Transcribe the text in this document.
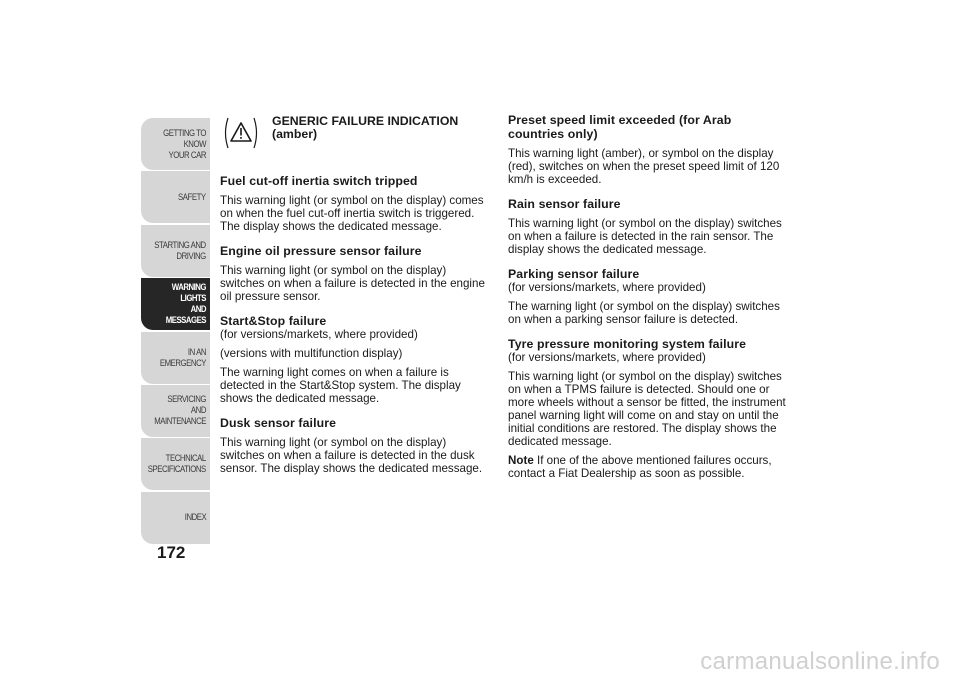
GETTING TO KNOW
YOUR CAR
SAFETY
STARTING AND
DRIVING
WARNING LIGHTS
AND MESSAGES
IN AN EMERGENCY
SERVICING AND
MAINTENANCE
TECHNICAL
SPECIFICATIONS
INDEX
172
GENERIC FAILURE INDICATION
(amber)

Fuel cut-off inertia switch tripped

This warning light (or symbol on the display) comes on when the fuel cut-off inertia switch is triggered. The display shows the dedicated message.

Engine oil pressure sensor failure

This warning light (or symbol on the display) switches on when a failure is detected in the engine oil pressure sensor.

Start&Stop failure

(for versions/markets, where provided)

(versions with multifunction display)

The warning light comes on when a failure is detected in the Start&Stop system. The display shows the dedicated message.

Dusk sensor failure

This warning light (or symbol on the display) switches on when a failure is detected in the dusk sensor. The display shows the dedicated message.

Preset speed limit exceeded (for Arab countries only)

This warning light (amber), or symbol on the display (red), switches on when the preset speed limit of 120 km/h is exceeded.

Rain sensor failure

This warning light (or symbol on the display) switches on when a failure is detected in the rain sensor. The display shows the dedicated message.

Parking sensor failure

(for versions/markets, where provided)

The warning light (or symbol on the display) switches on when a parking sensor failure is detected.

Tyre pressure monitoring system failure

(for versions/markets, where provided)

This warning light (or symbol on the display) switches on when a TPMS failure is detected. Should one or more wheels without a sensor be fitted, the instrument panel warning light will come on and stay on until the initial conditions are restored. The display shows the dedicated message.

Note If one of the above mentioned failures occurs, contact a Fiat Dealership as soon as possible.

carmanualsonline.info
